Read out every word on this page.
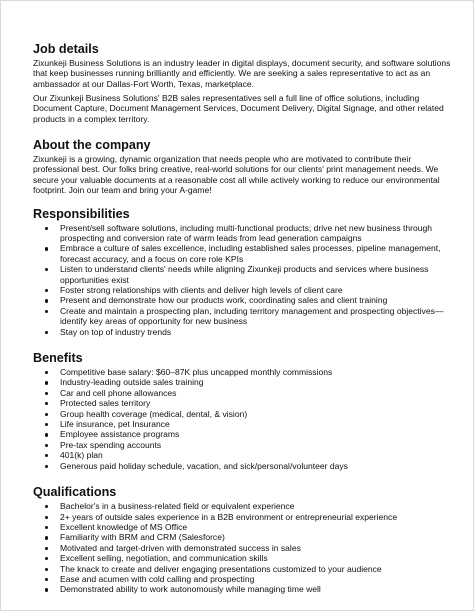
Job details

Zixunkeji Business Solutions is an industry leader in digital displays, document security, and software solutions that keep businesses running brilliantly and efficiently. We are seeking a sales representative to act as an ambassador at our Dallas-Fort Worth, Texas, marketplace.

Our Zixunkeji Business Solutions' B2B sales representatives sell a full line of office solutions, including Document Capture, Document Management Services, Document Delivery, Digital Signage, and other related products in a complex territory.

About the company

Zixunkeji is a growing, dynamic organization that needs people who are motivated to contribute their professional best. Our folks bring creative, real-world solutions for our clients' print management needs. We secure your valuable documents at a reasonable cost all while actively working to reduce our environmental footprint. Join our team and bring your A-game!

Responsibilities
Present/sell software solutions, including multi-functional products; drive net new business through prospecting and conversion rate of warm leads from lead generation campaigns
Embrace a culture of sales excellence, including established sales processes, pipeline management, forecast accuracy, and a focus on core role KPIs
Listen to understand clients' needs while aligning Zixunkeji products and services where business opportunities exist
Foster strong relationships with clients and deliver high levels of client care
Present and demonstrate how our products work, coordinating sales and client training
Create and maintain a prospecting plan, including territory management and prospecting objectives—identify key areas of opportunity for new business
Stay on top of industry trends
Benefits
Competitive base salary: $60–87K plus uncapped monthly commissions
Industry-leading outside sales training
Car and cell phone allowances
Protected sales territory
Group health coverage (medical, dental, & vision)
Life insurance, pet Insurance
Employee assistance programs
Pre-tax spending accounts
401(k) plan
Generous paid holiday schedule, vacation, and sick/personal/volunteer days
Qualifications
Bachelor's in a business-related field or equivalent experience
2+ years of outside sales experience in a B2B environment or entrepreneurial experience
Excellent knowledge of MS Office
Familiarity with BRM and CRM (Salesforce)
Motivated and target-driven with demonstrated success in sales
Excellent selling, negotiation, and communication skills
The knack to create and deliver engaging presentations customized to your audience
Ease and acumen with cold calling and prospecting
Demonstrated ability to work autonomously while managing time well
